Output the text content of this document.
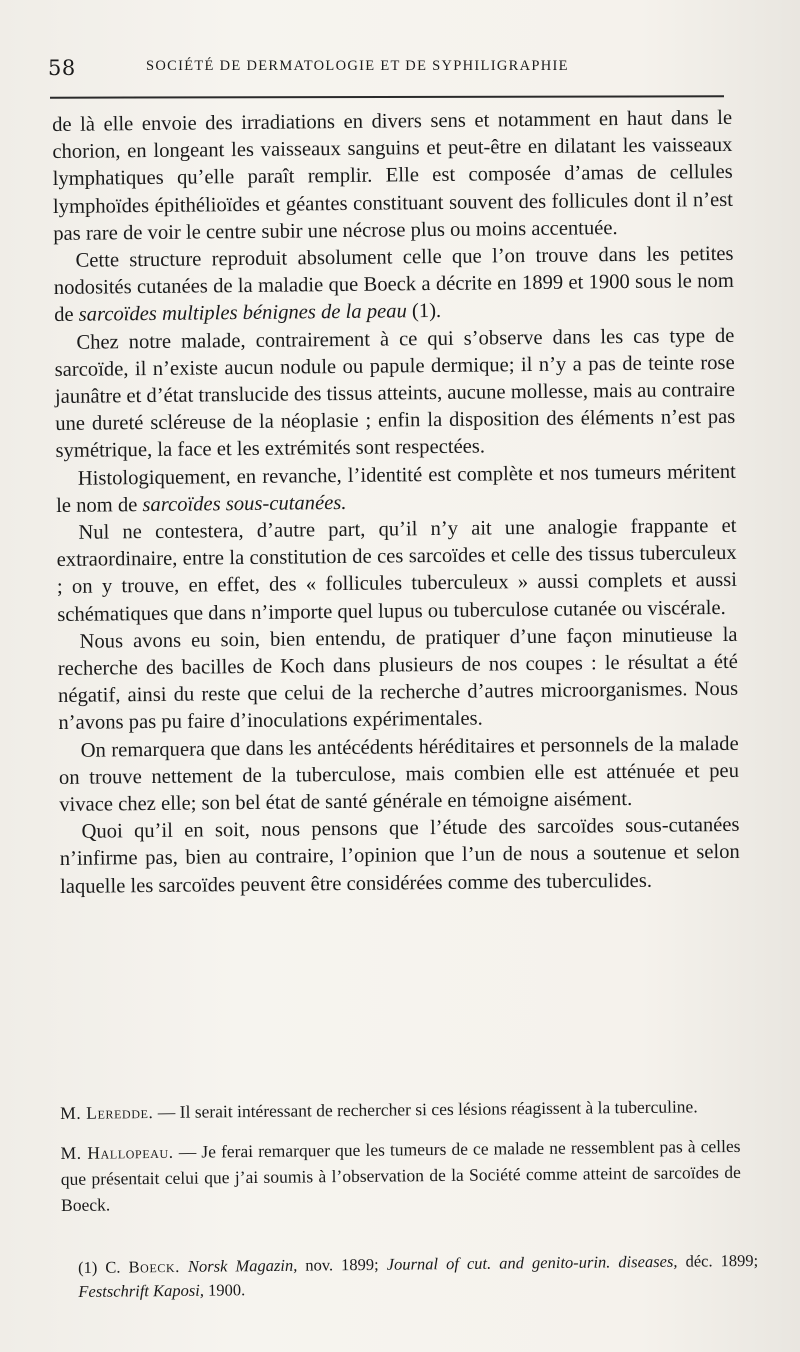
58	SOCIÉTÉ DE DERMATOLOGIE ET DE SYPHILIGRAPHIE

de là elle envoie des irradiations en divers sens et notamment en haut dans le chorion, en longeant les vaisseaux sanguins et peut-être en dilatant les vaisseaux lymphatiques qu’elle paraît remplir. Elle est composée d’amas de cellules lymphoïdes épithélioïdes et géantes constituant souvent des follicules dont il n’est pas rare de voir le centre subir une nécrose plus ou moins accentuée.

Cette structure reproduit absolument celle que l’on trouve dans les petites nodosités cutanées de la maladie que Boeck a décrite en 1899 et 1900 sous le nom de sarcoïdes multiples bénignes de la peau (1).

Chez notre malade, contrairement à ce qui s’observe dans les cas type de sarcoïde, il n’existe aucun nodule ou papule dermique; il n’y a pas de teinte rose jaunâtre et d’état translucide des tissus atteints, aucune mollesse, mais au contraire une dureté scléreuse de la néoplasie ; enfin la disposition des éléments n’est pas symétrique, la face et les extrémités sont respectées.

Histologiquement, en revanche, l’identité est complète et nos tumeurs méritent le nom de sarcoïdes sous-cutanées.

Nul ne contestera, d’autre part, qu’il n’y ait une analogie frappante et extraordinaire, entre la constitution de ces sarcoïdes et celle des tissus tuberculeux ; on y trouve, en effet, des « follicules tuberculeux » aussi complets et aussi schématiques que dans n’importe quel lupus ou tuberculose cutanée ou viscérale.

Nous avons eu soin, bien entendu, de pratiquer d’une façon minutieuse la recherche des bacilles de Koch dans plusieurs de nos coupes : le résultat a été négatif, ainsi du reste que celui de la recherche d’autres microorganismes. Nous n’avons pas pu faire d’inoculations expérimentales.

On remarquera que dans les antécédents héréditaires et personnels de la malade on trouve nettement de la tuberculose, mais combien elle est atténuée et peu vivace chez elle; son bel état de santé générale en témoigne aisément.

Quoi qu’il en soit, nous pensons que l’étude des sarcoïdes sous-cutanées n’infirme pas, bien au contraire, l’opinion que l’un de nous a soutenue et selon laquelle les sarcoïdes peuvent être considérées comme des tuberculides.

M. Leredde. — Il serait intéressant de rechercher si ces lésions réagissent à la tuberculine.

M. Hallopeau. — Je ferai remarquer que les tumeurs de ce malade ne ressemblent pas à celles que présentait celui que j’ai soumis à l’observation de la Société comme atteint de sarcoïdes de Boeck.

(1) C. Boeck. Norsk Magazin, nov. 1899; Journal of cut. and genito-urin. diseases, déc. 1899; Festschrift Kaposi, 1900.
